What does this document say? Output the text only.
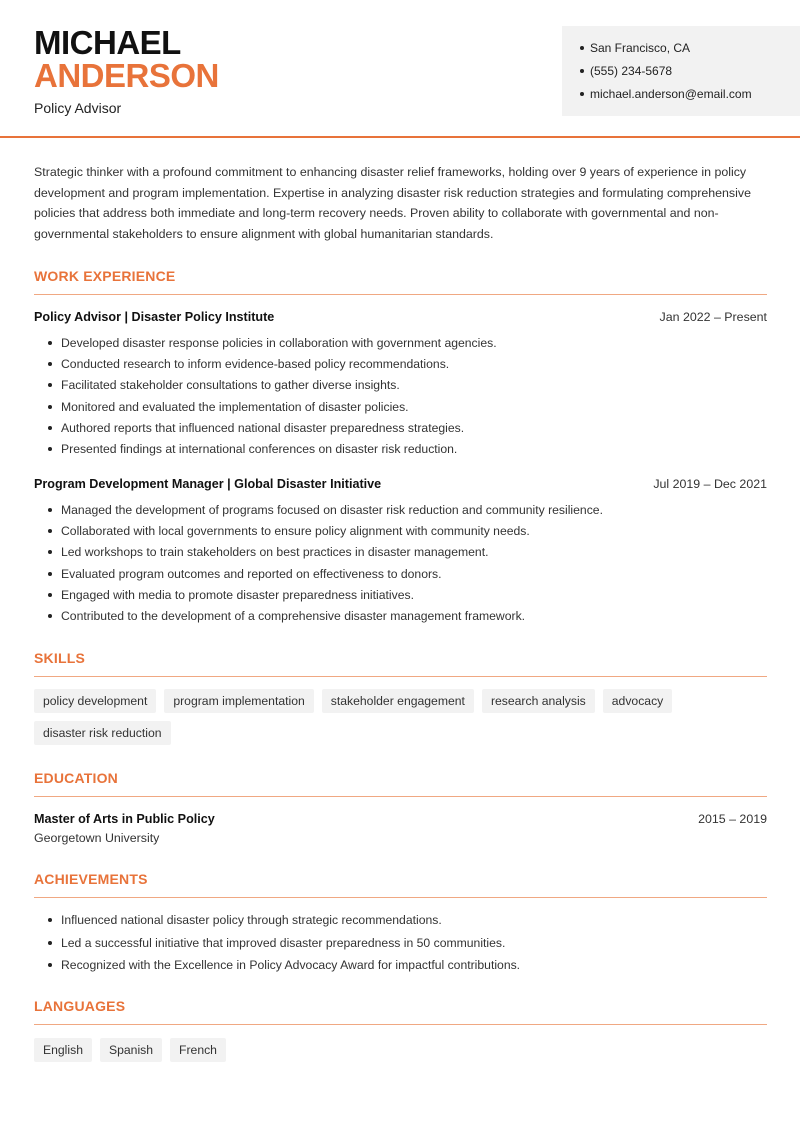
MICHAEL
ANDERSON
Policy Advisor
San Francisco, CA
(555) 234-5678
michael.anderson@email.com

Strategic thinker with a profound commitment to enhancing disaster relief frameworks, holding over 9 years of experience in policy development and program implementation. Expertise in analyzing disaster risk reduction strategies and formulating comprehensive policies that address both immediate and long-term recovery needs. Proven ability to collaborate with governmental and non-governmental stakeholders to ensure alignment with global humanitarian standards.

WORK EXPERIENCE
Policy Advisor | Disaster Policy Institute	Jan 2022 – Present
Developed disaster response policies in collaboration with government agencies.
Conducted research to inform evidence-based policy recommendations.
Facilitated stakeholder consultations to gather diverse insights.
Monitored and evaluated the implementation of disaster policies.
Authored reports that influenced national disaster preparedness strategies.
Presented findings at international conferences on disaster risk reduction.
Program Development Manager | Global Disaster Initiative	Jul 2019 – Dec 2021
Managed the development of programs focused on disaster risk reduction and community resilience.
Collaborated with local governments to ensure policy alignment with community needs.
Led workshops to train stakeholders on best practices in disaster management.
Evaluated program outcomes and reported on effectiveness to donors.
Engaged with media to promote disaster preparedness initiatives.
Contributed to the development of a comprehensive disaster management framework.
SKILLS
policy development	program implementation	stakeholder engagement	research analysis	advocacy
disaster risk reduction
EDUCATION
Master of Arts in Public Policy	2015 – 2019
Georgetown University
ACHIEVEMENTS
Influenced national disaster policy through strategic recommendations.
Led a successful initiative that improved disaster preparedness in 50 communities.
Recognized with the Excellence in Policy Advocacy Award for impactful contributions.
LANGUAGES
English	Spanish	French
